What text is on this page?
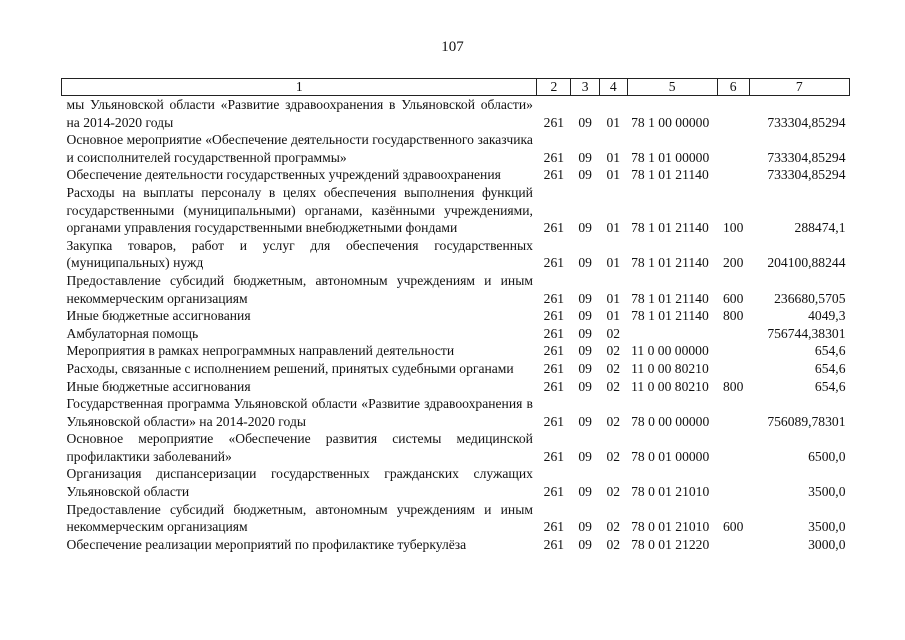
107
1	2	3	4	5	6	7
мы Ульяновской области «Развитие здравоохранения в Ульяновской области» на 2014-2020 годы	261	09	01	78 1 00 00000		733304,85294
Основное мероприятие «Обеспечение деятельности государственного заказчика и соисполнителей государственной программы»	261	09	01	78 1 01 00000		733304,85294
Обеспечение деятельности государственных учреждений здравоохранения	261	09	01	78 1 01 21140		733304,85294
Расходы на выплаты персоналу в целях обеспечения выполнения функций государственными (муниципальными) органами, казёнными учреждениями, органами управления государственными внебюджетными фондами	261	09	01	78 1 01 21140	100	288474,1
Закупка товаров, работ и услуг для обеспечения государственных (муниципальных) нужд	261	09	01	78 1 01 21140	200	204100,88244
Предоставление субсидий бюджетным, автономным учреждениям и иным некоммерческим организациям	261	09	01	78 1 01 21140	600	236680,5705
Иные бюджетные ассигнования	261	09	01	78 1 01 21140	800	4049,3
Амбулаторная помощь	261	09	02			756744,38301
Мероприятия в рамках непрограммных направлений деятельности	261	09	02	11 0 00 00000		654,6
Расходы, связанные с исполнением решений, принятых судебными органами	261	09	02	11 0 00 80210		654,6
Иные бюджетные ассигнования	261	09	02	11 0 00 80210	800	654,6
Государственная программа Ульяновской области «Развитие здравоохранения в Ульяновской области» на 2014-2020 годы	261	09	02	78 0 00 00000		756089,78301
Основное мероприятие «Обеспечение развития системы медицинской профилактики заболеваний»	261	09	02	78 0 01 00000		6500,0
Организация диспансеризации государственных гражданских служащих Ульяновской области	261	09	02	78 0 01 21010		3500,0
Предоставление субсидий бюджетным, автономным учреждениям и иным некоммерческим организациям	261	09	02	78 0 01 21010	600	3500,0
Обеспечение реализации мероприятий по профилактике туберкулёза	261	09	02	78 0 01 21220		3000,0
